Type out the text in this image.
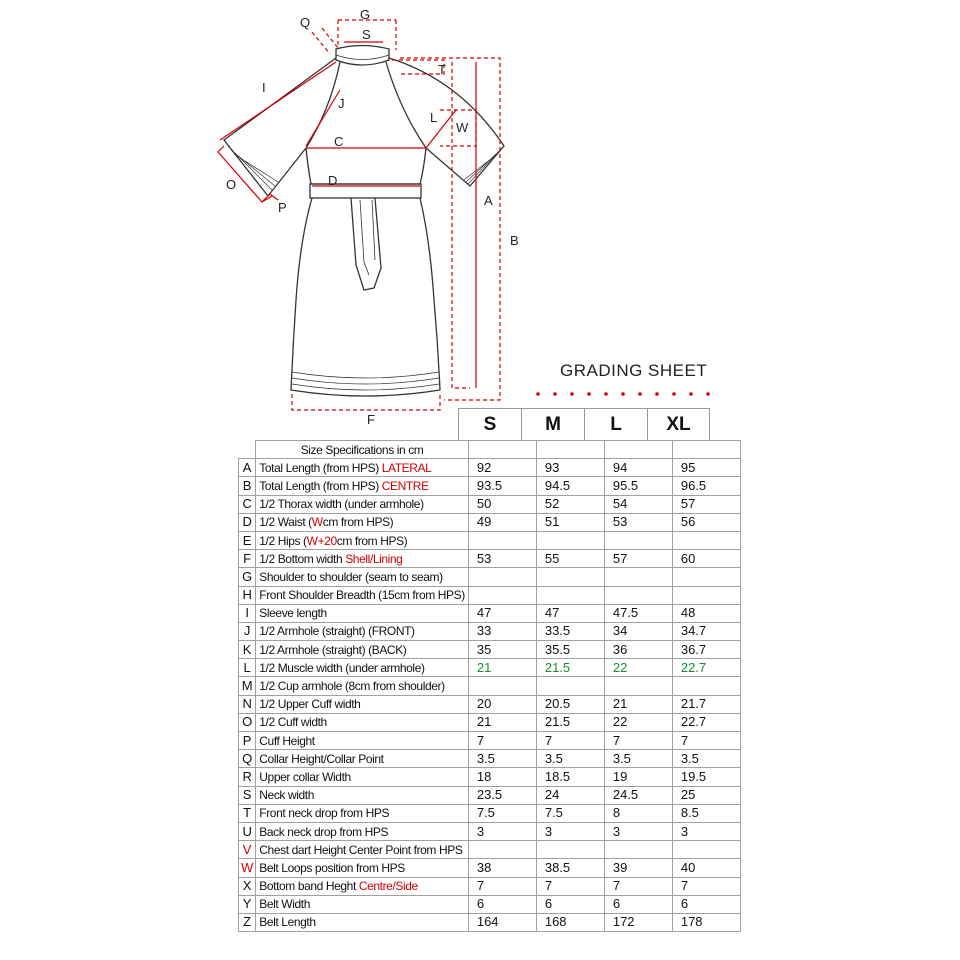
G
S
Q
T
I
J
L
W
C
D
O
P	A
B
F
GRADING SHEET
S	M	L	XL
	Size Specifications in cm				
A	Total Length (from HPS) LATERAL	92	93	94	95
B	Total Length (from HPS) CENTRE	93.5	94.5	95.5	96.5
C	1/2 Thorax width (under armhole)	50	52	54	57
D	1/2 Waist (Wcm from HPS)	49	51	53	56
E	1/2 Hips (W+20cm from HPS)				
F	1/2 Bottom width Shell/Lining	53	55	57	60
G	Shoulder to shoulder (seam to seam)				
H	Front Shoulder Breadth (15cm from HPS)				
I	Sleeve length	47	47	47.5	48
J	1/2 Armhole (straight) (FRONT)	33	33.5	34	34.7
K	1/2 Armhole (straight) (BACK)	35	35.5	36	36.7
L	1/2 Muscle width (under armhole)	21	21.5	22	22.7
M	1/2 Cup armhole (8cm from shoulder)				
N	1/2 Upper Cuff width	20	20.5	21	21.7
O	1/2 Cuff width	21	21.5	22	22.7
P	Cuff Height	7	7	7	7
Q	Collar Height/Collar Point	3.5	3.5	3.5	3.5
R	Upper collar Width	18	18.5	19	19.5
S	Neck width	23.5	24	24.5	25
T	Front neck drop from HPS	7.5	7.5	8	8.5
U	Back neck drop from HPS	3	3	3	3
V	Chest dart Height Center Point from HPS				
W	Belt Loops position from HPS	38	38.5	39	40
X	Bottom band Heght Centre/Side	7	7	7	7
Y	Belt Width	6	6	6	6
Z	Belt Length	164	168	172	178
